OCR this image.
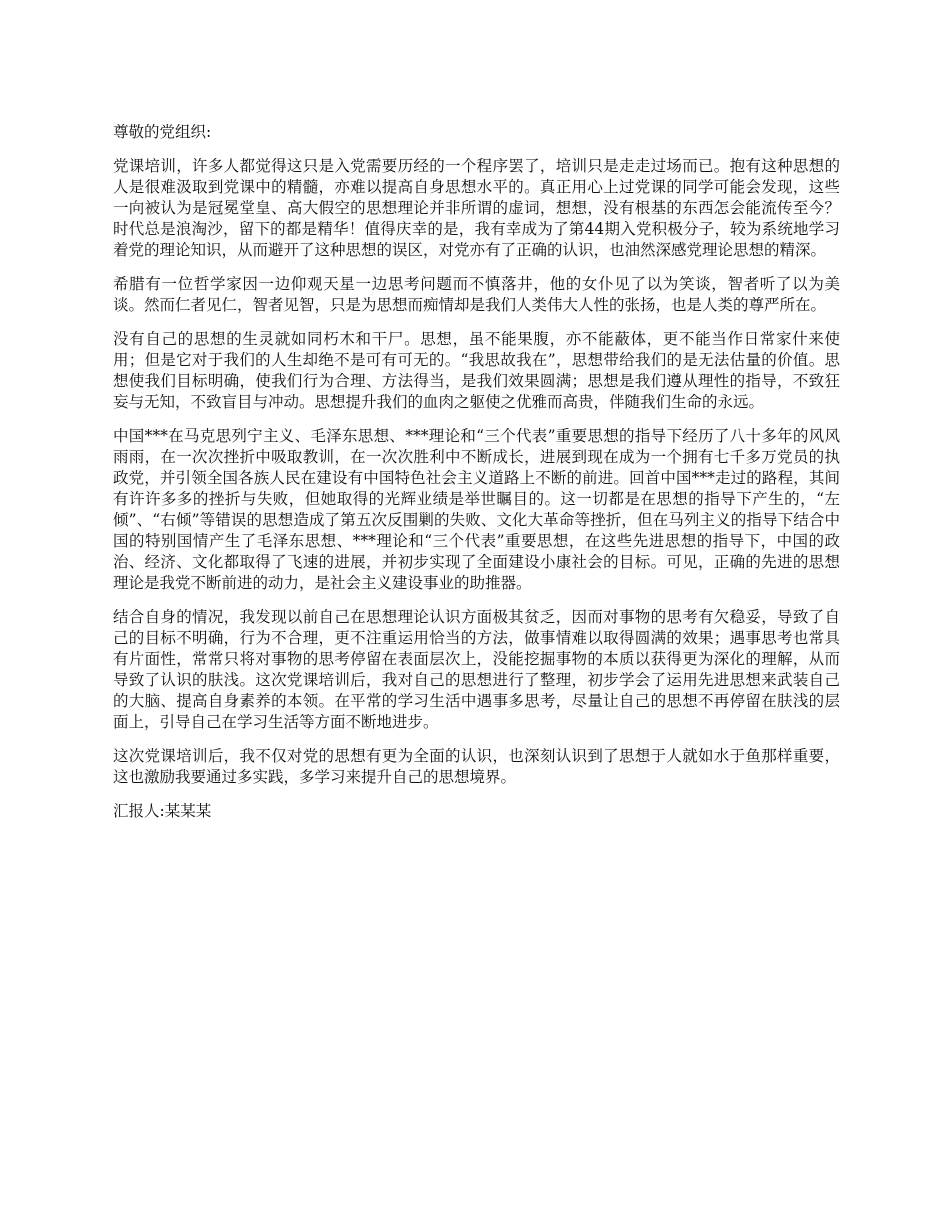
尊敬的党组织:

党课培训，许多人都觉得这只是入党需要历经的一个程序罢了，培训只是走走过场而已。抱有这种思想的人是很难汲取到党课中的精髓，亦难以提高自身思想水平的。真正用心上过党课的同学可能会发现，这些一向被认为是冠冕堂皇、高大假空的思想理论并非所谓的虚词，想想，没有根基的东西怎会能流传至今？时代总是浪淘沙，留下的都是精华！值得庆幸的是，我有幸成为了第44期入党积极分子，较为系统地学习着党的理论知识，从而避开了这种思想的误区，对党亦有了正确的认识，也油然深感党理论思想的精深。

希腊有一位哲学家因一边仰观天星一边思考问题而不慎落井，他的女仆见了以为笑谈，智者听了以为美谈。然而仁者见仁，智者见智，只是为思想而痴情却是我们人类伟大人性的张扬，也是人类的尊严所在。

没有自己的思想的生灵就如同朽木和干尸。思想，虽不能果腹，亦不能蔽体，更不能当作日常家什来使用；但是它对于我们的人生却绝不是可有可无的。“我思故我在”，思想带给我们的是无法估量的价值。思想使我们目标明确，使我们行为合理、方法得当，是我们效果圆满；思想是我们遵从理性的指导，不致狂妄与无知，不致盲目与冲动。思想提升我们的血肉之躯使之优雅而高贵，伴随我们生命的永远。

中国***在马克思列宁主义、毛泽东思想、***理论和“三个代表”重要思想的指导下经历了八十多年的风风雨雨，在一次次挫折中吸取教训，在一次次胜利中不断成长，进展到现在成为一个拥有七千多万党员的执政党，并引领全国各族人民在建设有中国特色社会主义道路上不断的前进。回首中国***走过的路程，其间有许许多多的挫折与失败，但她取得的光辉业绩是举世瞩目的。这一切都是在思想的指导下产生的，“左倾”、“右倾”等错误的思想造成了第五次反围剿的失败、文化大革命等挫折，但在马列主义的指导下结合中国的特别国情产生了毛泽东思想、***理论和“三个代表”重要思想，在这些先进思想的指导下，中国的政治、经济、文化都取得了飞速的进展，并初步实现了全面建设小康社会的目标。可见，正确的先进的思想理论是我党不断前进的动力，是社会主义建设事业的助推器。

结合自身的情况，我发现以前自己在思想理论认识方面极其贫乏，因而对事物的思考有欠稳妥，导致了自己的目标不明确，行为不合理，更不注重运用恰当的方法，做事情难以取得圆满的效果；遇事思考也常具有片面性，常常只将对事物的思考停留在表面层次上，没能挖掘事物的本质以获得更为深化的理解，从而导致了认识的肤浅。这次党课培训后，我对自己的思想进行了整理，初步学会了运用先进思想来武装自己的大脑、提高自身素养的本领。在平常的学习生活中遇事多思考，尽量让自己的思想不再停留在肤浅的层面上，引导自己在学习生活等方面不断地进步。

这次党课培训后，我不仅对党的思想有更为全面的认识，也深刻认识到了思想于人就如水于鱼那样重要，这也激励我要通过多实践，多学习来提升自己的思想境界。

汇报人:某某某
